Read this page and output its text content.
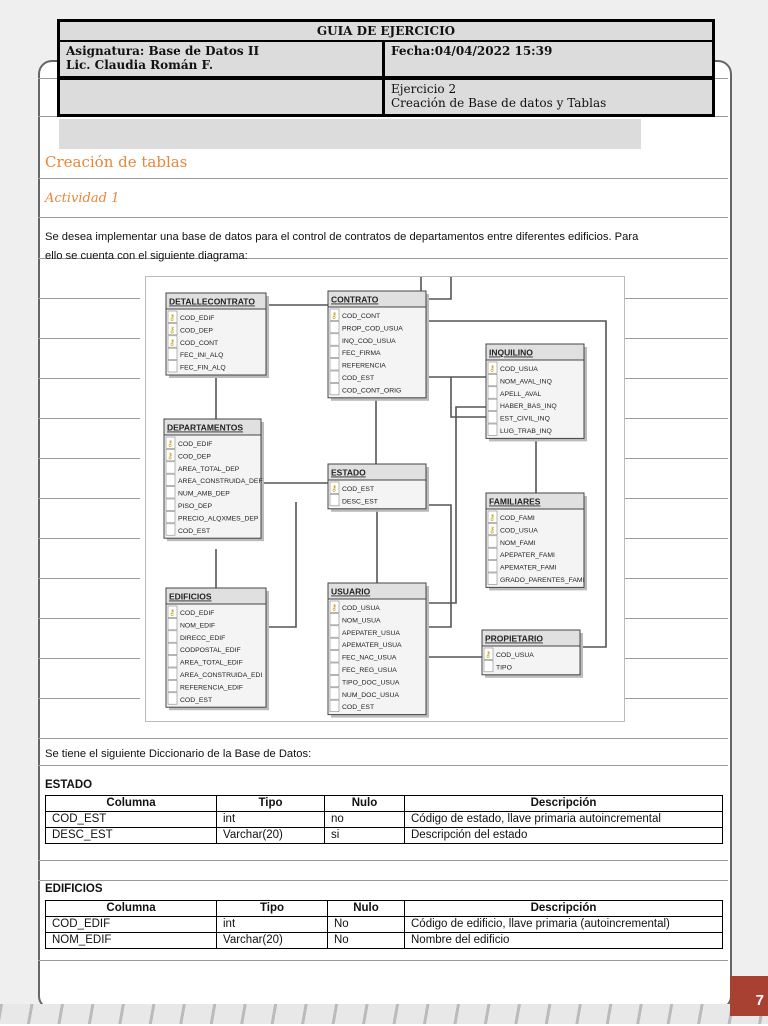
GUIA DE EJERCICIO
Asignatura: Base de Datos II
Lic. Claudia Román F.
Fecha:04/04/2022 15:39
Ejercicio 2
Creación de Base de datos y Tablas
Creación de tablas
Actividad 1
Se desea implementar una base de datos para el control de contratos de departamentos entre diferentes edificios. Para
ello se cuenta con el siguiente diagrama:
DETALLECONTRATO
⚷ COD_EDIF
⚷ COD_DEP
⚷ COD_CONT
FEC_INI_ALQ
FEC_FIN_ALQ
CONTRATO
⚷ COD_CONT
PROP_COD_USUA
INQ_COD_USUA
FEC_FIRMA
REFERENCIA
COD_EST
COD_CONT_ORIG
INQUILINO
⚷ COD_USUA
NOM_AVAL_INQ
APELL_AVAL
HABER_BAS_INQ
EST_CIVIL_INQ
LUG_TRAB_INQ
DEPARTAMENTOS
⚷ COD_EDIF
⚷ COD_DEP
AREA_TOTAL_DEP
AREA_CONSTRUIDA_DEF
NUM_AMB_DEP
PISO_DEP
PRECIO_ALQXMES_DEP
COD_EST
ESTADO
⚷ COD_EST
DESC_EST	FAMILIARES
⚷ COD_FAMI
⚷ COD_USUA
NOM_FAMI
APEPATER_FAMI
APEMATER_FAMI
GRADO_PARENTES_FAMI
EDIFICIOS
⚷ COD_EDIF
NOM_EDIF
DIRECC_EDIF
CODPOSTAL_EDIF
AREA_TOTAL_EDIF
AREA_CONSTRUIDA_EDI
REFERENCIA_EDIF
COD_EST
USUARIO
⚷ COD_USUA
NOM_USUA
APEPATER_USUA
APEMATER_USUA
FEC_NAC_USUA
FEC_REG_USUA
TIPO_DOC_USUA
NUM_DOC_USUA
COD_EST
PROPIETARIO
⚷ COD_USUA
TIPO
Se tiene el siguiente Diccionario de la Base de Datos:
ESTADO
Columna	Tipo	Nulo	Descripción
COD_EST	int	no	Código de estado, llave primaria autoincremental
DESC_EST	Varchar(20)	si	Descripción del estado
EDIFICIOS
Columna	Tipo	Nulo	Descripción
COD_EDIF	int	No	Código de edificio, llave primaria (autoincremental)
NOM_EDIF	Varchar(20)	No	Nombre del edificio
7
